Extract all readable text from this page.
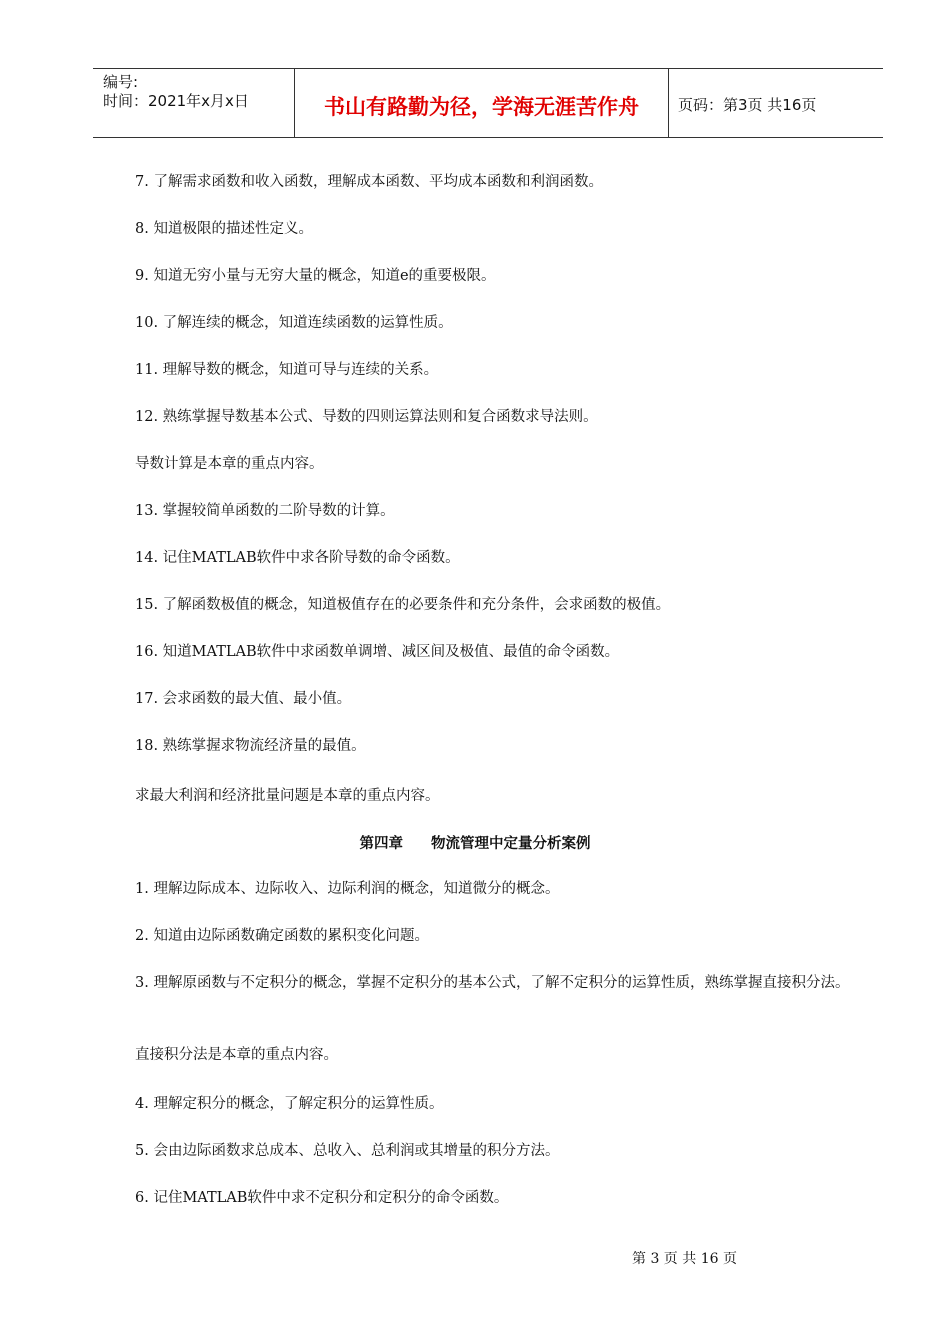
编号:
时间：2021年x月x日	书山有路勤为径，学海无涯苦作舟	页码：第3页 共16页
7. 了解需求函数和收入函数，理解成本函数、平均成本函数和利润函数。
8. 知道极限的描述性定义。
9. 知道无穷小量与无穷大量的概念，知道e的重要极限。
10. 了解连续的概念，知道连续函数的运算性质。
11. 理解导数的概念，知道可导与连续的关系。
12. 熟练掌握导数基本公式、导数的四则运算法则和复合函数求导法则。
导数计算是本章的重点内容。
13. 掌握较简单函数的二阶导数的计算。
14. 记住MATLAB软件中求各阶导数的命令函数。
15. 了解函数极值的概念，知道极值存在的必要条件和充分条件，会求函数的极值。
16. 知道MATLAB软件中求函数单调增、减区间及极值、最值的命令函数。
17. 会求函数的最大值、最小值。
18. 熟练掌握求物流经济量的最值。
求最大利润和经济批量问题是本章的重点内容。
第四章 物流管理中定量分析案例
1. 理解边际成本、边际收入、边际利润的概念，知道微分的概念。
2. 知道由边际函数确定函数的累积变化问题。
3. 理解原函数与不定积分的概念，掌握不定积分的基本公式，了解不定积分的运算性质，熟练掌握直接积分法。
直接积分法是本章的重点内容。
4. 理解定积分的概念，了解定积分的运算性质。
5. 会由边际函数求总成本、总收入、总利润或其增量的积分方法。
6. 记住MATLAB软件中求不定积分和定积分的命令函数。
第 3 页 共 16 页
